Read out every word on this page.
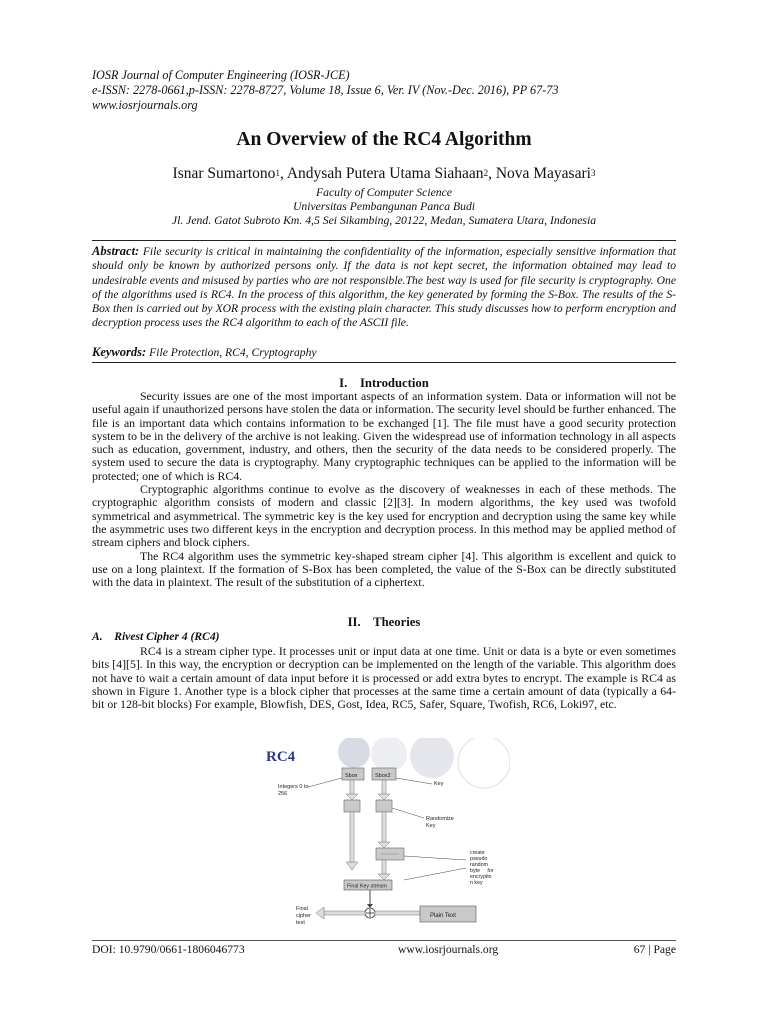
IOSR Journal of Computer Engineering (IOSR-JCE)
e-ISSN: 2278-0661,p-ISSN: 2278-8727, Volume 18, Issue 6, Ver. IV (Nov.-Dec. 2016), PP 67-73
www.iosrjournals.org
An Overview of the RC4 Algorithm
Isnar Sumartono$^1$, Andysah Putera Utama Siahaan$^2$, Nova Mayasari$^3$
Faculty of Computer Science
Universitas Pembangunan Panca Budi
Jl. Jend. Gatot Subroto Km. 4,5 Sei Sikambing, 20122, Medan, Sumatera Utara, Indonesia
Abstract: File security is critical in maintaining the confidentiality of the information, especially sensitive information that should only be known by authorized persons only. If the data is not kept secret, the information obtained may lead to undesirable events and misused by parties who are not responsible.The best way is used for file security is cryptography. One of the algorithms used is RC4. In the process of this algorithm, the key generated by forming the S-Box. The results of the S-Box then is carried out by XOR process with the existing plain character. This study discusses how to perform encryption and decryption process uses the RC4 algorithm to each of the ASCII file.
Keywords: File Protection, RC4, Cryptography
I.    Introduction

Security issues are one of the most important aspects of an information system. Data or information will not be useful again if unauthorized persons have stolen the data or information. The security level should be further enhanced. The file is an important data which contains information to be exchanged [1]. The file must have a good security protection system to be in the delivery of the archive is not leaking. Given the widespread use of information technology in all aspects such as education, government, industry, and others, then the security of the data needs to be considered properly. The system used to secure the data is cryptography. Many cryptographic techniques can be applied to the information will be protected; one of which is RC4.

Cryptographic algorithms continue to evolve as the discovery of weaknesses in each of these methods. The cryptographic algorithm consists of modern and classic [2][3]. In modern algorithms, the key used was twofold symmetrical and asymmetrical. The symmetric key is the key used for encryption and decryption using the same key while the asymmetric uses two different keys in the encryption and decryption process. In this method may be applied method of stream ciphers and block ciphers.

The RC4 algorithm uses the symmetric key-shaped stream cipher [4]. This algorithm is excellent and quick to use on a long plaintext. If the formation of S-Box has been completed, the value of the S-Box can be directly substituted with the data in plaintext. The result of the substitution of a ciphertext.

II.    Theories
A.    Rivest Cipher 4 (RC4)

RC4 is a stream cipher type. It processes unit or input data at one time. Unit or data is a byte or even sometimes bits [4][5]. In this way, the encryption or decryption can be implemented on the length of the variable. This algorithm does not have to wait a certain amount of data input before it is processed or add extra bytes to encrypt. The example is RC4 as shown in Figure 1. Another type is a block cipher that processes at the same time a certain amount of data (typically a 64-bit or 128-bit blocks) For example, Blowfish, DES, Gost, Idea, RC5, Safer, Square, Twofish, RC6, Loki97, etc.

RC4
Sbox	Sbox2
Key
Integers 0 to
256
Randomize
Key
create
pseudo
random
byte     for
encryptio
n key
Final Key stream
Plain Text
Final
cipher
text
DOI: 10.9790/0661-1806046773	www.iosrjournals.org	67 | Page
